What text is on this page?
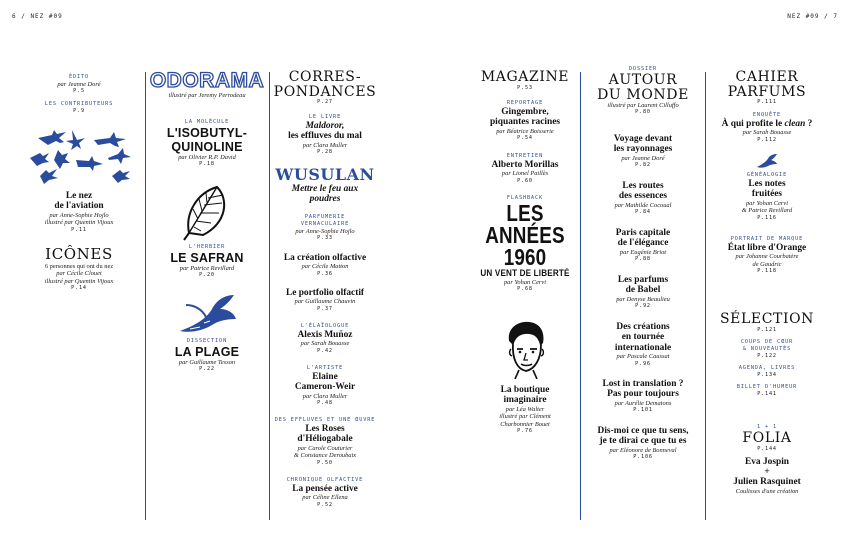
6 / NEZ #09	NEZ #09 / 7
ÉDITO
par Jeanne Doré
P.5
LES CONTRIBUTEURS
P.9
Le nez
de l'aviation
par Anne-Sophie Hojlo
illustré par Quentin Vijoux
P.11
ICÔNES
6 personnes qui ont du nez
par Cécile Clouet
illustré par Quentin Vijoux
P.14
ODORAMA
illustré par Jeremy Perrodeau
LA MOLÉCULE
L'ISOBUTYL-
QUINOLINE
par Olivier R.P. David
P.18
L'HERBIER
LE SAFRAN
par Patrice Revillard
P.20
DISSECTION
LA PLAGE
par Guillaume Tesson
P.22
CORRES-
PONDANCES
P.27
LE LIVRE
Maldoror,
les effluves du mal
par Clara Muller
P.28
WUSULAN
Mettre le feu aux
poudres
PARFUMERIE
VERNACULAIRE
par Anne-Sophie Hojlo
P.33
La création olfactive
par Cécile Matton
P.36
Le portfolio olfactif
par Guillaume Chauvin
P.37
L'ÉLAÏOLOGUE
Alexis Muñoz
par Sarah Bouasse
P.42
L'ARTISTE
Elaine
Cameron-Weir
par Clara Muller
P.48
DES EFFLUVES ET UNE ŒUVRE
Les Roses
d'Héliogabale
par Carole Couturier
& Constance Deroubaix
P.50
CHRONIQUE OLFACTIVE
La pensée active
par Céline Ellena
P.52
MAGAZINE
P.53
REPORTAGE
Gingembre,
piquantes racines
par Béatrice Boisserie
P.54
ENTRETIEN
Alberto Morillas
par Lionel Paillès
P.60
FLASHBACK
LES
ANNÉES
1960
UN VENT DE LIBERTÉ
par Yohan Cervi
P.68
La boutique
imaginaire
par Léa Walter
illustré par Clément
Charbonnier Bouet
P.76
DOSSIER
AUTOUR
DU MONDE
illustré par Laurent Cilluffo
P.80
Voyage devant
les rayonnages
par Jeanne Doré
P.82
Les routes
des essences
par Mathilde Cocoual
P.84
Paris capitale
de l'élégance
par Eugénie Briot
P.88
Les parfums
de Babel
par Denyse Beaulieu
P.92
Des créations
en tournée
internationale
par Pascale Caussat
P.96
Lost in translation ?
Pas pour toujours
par Aurélie Dematons
P.101
Dis-moi ce que tu sens,
je te dirai ce que tu es
par Eléonore de Bonneval
P.106
CAHIER
PARFUMS
P.111
ENQUÊTE
À qui profite le clean ?
par Sarah Bouasse
P.112
GÉNÉALOGIE
Les notes
fruitées
par Yohan Cervi
& Patrice Revillard
P.116
PORTRAIT DE MARQUE
État libre d'Orange
par Johanne Courbatère
de Gaudric
P.118
SÉLECTION
P.121
COUPS DE CŒUR
& NOUVEAUTÉS
P.122
AGENDA, LIVRES
P.134
BILLET D'HUMEUR
P.141
1 + 1
FOLIA
P.144
Eva Jospin
+
Julien Rasquinet
Coulisses d'une création
